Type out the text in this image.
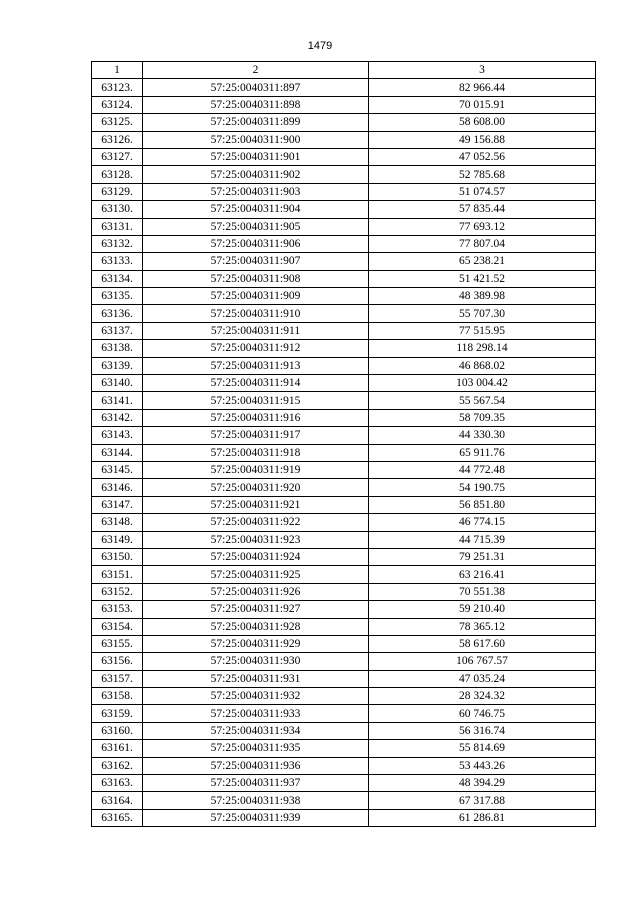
1479
1	2	3
63123.	57:25:0040311:897	82 966.44
63124.	57:25:0040311:898	70 015.91
63125.	57:25:0040311:899	58 608.00
63126.	57:25:0040311:900	49 156.88
63127.	57:25:0040311:901	47 052.56
63128.	57:25:0040311:902	52 785.68
63129.	57:25:0040311:903	51 074.57
63130.	57:25:0040311:904	57 835.44
63131.	57:25:0040311:905	77 693.12
63132.	57:25:0040311:906	77 807.04
63133.	57:25:0040311:907	65 238.21
63134.	57:25:0040311:908	51 421.52
63135.	57:25:0040311:909	48 389.98
63136.	57:25:0040311:910	55 707.30
63137.	57:25:0040311:911	77 515.95
63138.	57:25:0040311:912	118 298.14
63139.	57:25:0040311:913	46 868.02
63140.	57:25:0040311:914	103 004.42
63141.	57:25:0040311:915	55 567.54
63142.	57:25:0040311:916	58 709.35
63143.	57:25:0040311:917	44 330.30
63144.	57:25:0040311:918	65 911.76
63145.	57:25:0040311:919	44 772.48
63146.	57:25:0040311:920	54 190.75
63147.	57:25:0040311:921	56 851.80
63148.	57:25:0040311:922	46 774.15
63149.	57:25:0040311:923	44 715.39
63150.	57:25:0040311:924	79 251.31
63151.	57:25:0040311:925	63 216.41
63152.	57:25:0040311:926	70 551.38
63153.	57:25:0040311:927	59 210.40
63154.	57:25:0040311:928	78 365.12
63155.	57:25:0040311:929	58 617.60
63156.	57:25:0040311:930	106 767.57
63157.	57:25:0040311:931	47 035.24
63158.	57:25:0040311:932	28 324.32
63159.	57:25:0040311:933	60 746.75
63160.	57:25:0040311:934	56 316.74
63161.	57:25:0040311:935	55 814.69
63162.	57:25:0040311:936	53 443.26
63163.	57:25:0040311:937	48 394.29
63164.	57:25:0040311:938	67 317.88
63165.	57:25:0040311:939	61 286.81
